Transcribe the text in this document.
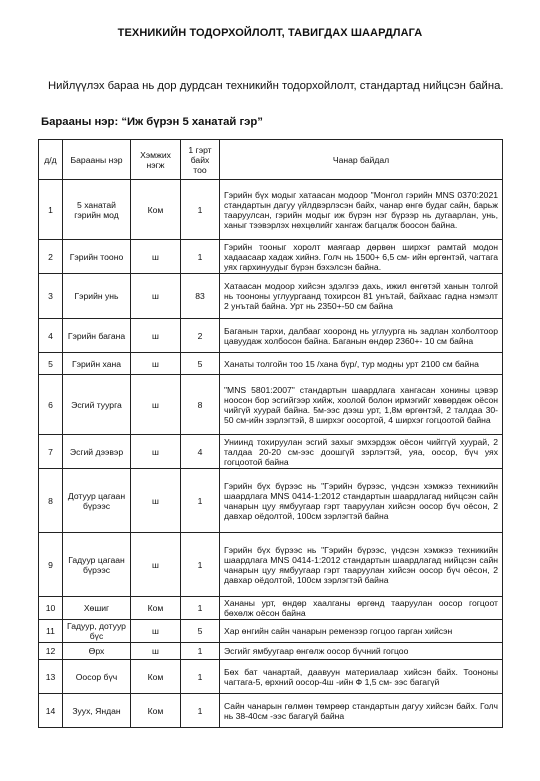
ТЕХНИКИЙН ТОДОРХОЙЛОЛТ, ТАВИГДАХ ШААРДЛАГА
Нийлүүлэх бараа нь дор дурдсан техникийн тодорхойлолт, стандартад нийцсэн байна.
Барааны нэр: “Иж бүрэн 5 ханатай гэр”
д/д	Барааны нэр	Хэмжих нэгж	1 гэрт байх тоо	Чанар байдал
1	5 ханатай гэрийн мод	Ком	1	Гэрийн бүх модыг хатаасан модоор "Монгол гэрийн MNS 0370:2021 стандартын дагуу үйлдвэрлэсэн байх, чанар өнгө будаг сайн, барьж тааруулсан, гэрийн модыг иж бүрэн нэг бүрээр нь дугаарлан, унь, ханыг тээвэрлэх нөхцөлийг хангаж багцалж боосон байна.
2	Гэрийн тооно	ш	1	Гэрийн тооныг хоролт маягаар дөрвөн ширхэг рамтай модон хадаасаар хадаж хийнэ. Голч нь 1500+ 6,5 см- ийн өргөнтэй, чагтага уях гархинуудыг бүрэн бэхэлсэн байна.
3	Гэрийн унь	ш	83	Хатаасан модоор хийсэн здэлгээ дахь, ижил өнгөтэй ханын толгой нь тоононы углуургаанд тохирсон 81 унътай, байхаас гадна нэмэлт 2 унътай байна. Урт нь 2350+-50 см байна
4	Гэрийн багана	ш	2	Баганын тархи, далбааг хооронд нь углуурга нь задлан холболтоор цавуудаж холбосон байна. Баганын өндөр 2360+- 10 см байна
5	Гэрийн хана	ш	5	Ханаты толгойн тоо 15 /хана бүр/, тур модны урт 2100 см байна
6	Эсгий туурга	ш	8	"MNS 5801:2007" стандартын шаардлага хангасан хонины цэвэр ноосон бор эсгийгээр хийж, хоолой болон ирмэгийг хөвөрдөж оёсон чийгүй хуурай байна. 5м-ээс дээш урт, 1,8м өргөнтэй, 2 талдаа 30- 50 см-ийн зэрлэгтэй, 8 ширхэг оосортой, 4 ширхэг гогцоотой байна
7	Эсгий дээвэр	ш	4	Униинд тохируулан эсгий захыг эмхэрдэж оёсон чийггүй хуурай, 2 талдаа 20-20 см-ээс доошгүй зэрлэгтэй, уяа, оосор, бүч уях гогцоотой байна
8	Дотуур цагаан бүрээс	ш	1	Гэрийн бүх бүрээс нь "Гэрийн бүрээс, үндсэн хэмжээ техникийн шаардлага MNS 0414-1:2012 стандартын шаардлагад нийцсэн сайн чанарын цуу ямбуугаар гэрт тааруулан хийсэн оосор бүч оёсон, 2 давхар оёдолтой, 100см зэрлэгтэй байна
9	Гадуур цагаан бүрээс	ш	1	Гэрийн бүх бүрээс нь "Гэрийн бүрээс, үндсэн хэмжээ техникийн шаардлага MNS 0414-1:2012 стандартын шаардлагад нийцсэн сайн чанарын цуу ямбуугаар гэрт тааруулан хийсэн оосор бүч оёсон, 2 давхар оёдолтой, 100см зэрлэгтэй байна
10	Хөшиг	Ком	1	Хананы урт, өндөр хаалганы өргөнд тааруулан оосор гогцоот бөхөлж оёсон байна
11	Гадуур, дотуур бүс	ш	5	Хар өнгийн сайн чанарын ременээр гогцоо гарган хийсэн
12	Өрх	ш	1	Эсгийг ямбуугаар өнгөлж оосор бүчний гогцоо
13	Оосор бүч	Ком	1	Бөх бат чанартай, даавуун материалаар хийсэн байх. Тоононы чагтага-5, өрхний оосор-4ш -ийн Ф 1,5 см- ээс багагүй
14	Зуух, Яндан	Ком	1	Сайн чанарын гөлмөн төмрөөр стандартын дагуу хийсэн байх. Голч нь 38-40см -ээс багагүй байна
